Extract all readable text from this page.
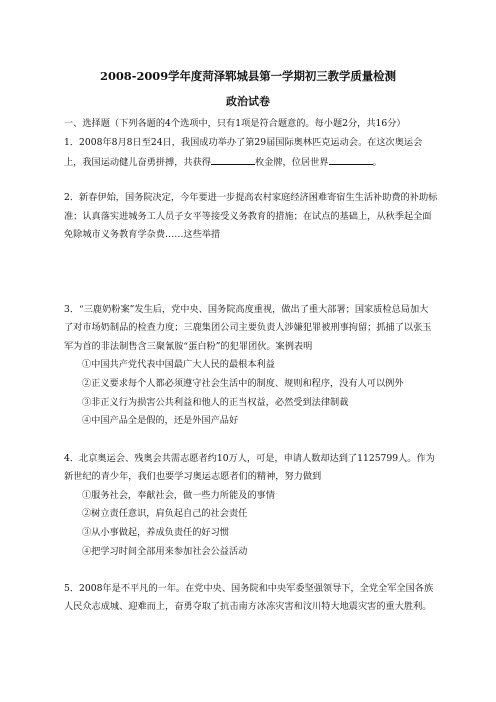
2008-2009学年度菏泽郓城县第一学期初三教学质量检测
政治试卷
一、选择题（下列各题的4个选项中，只有1项是符合题意的。每小题2分，共16分）
1．2008年8月8日至24日，我国成功举办了第29届国际奥林匹克运动会。在这次奥运会
上，我国运动健儿奋勇拼搏，共获得	枚金牌，位居世界	。
2．新春伊始，国务院决定，今年要进一步提高农村家庭经济困难寄宿生生活补助费的补助标
准；认真落实进城务工人员子女平等接受义务教育的措施；在试点的基础上，从秋季起全面
免除城市义务教育学杂费……这些举措
3．“三鹿奶粉案”发生后，党中央、国务院高度重视，做出了重大部署；国家质检总局加大
了对市场奶制品的检查力度；三鹿集团公司主要负责人涉嫌犯罪被刑事拘留；抓捕了以张玉
军为首的非法制售含三聚氰胺“蛋白粉”的犯罪团伙。案例表明
①中国共产党代表中国最广大人民的最根本利益
②正义要求每个人都必须遵守社会生活中的制度、规则和程序，没有人可以例外
③非正义行为损害公共利益和他人的正当权益，必然受到法律制裁
④中国产品全是假的，还是外国产品好
4．北京奥运会、残奥会共需志愿者约10万人，可是，申请人数却达到了1125799人。作为
新世纪的青少年，我们也要学习奥运志愿者们的精神，努力做到
①服务社会，奉献社会，做一些力所能及的事情
②树立责任意识，肩负起自己的社会责任
③从小事做起，养成负责任的好习惯
④把学习时间全部用来参加社会公益活动
5．2008年是不平凡的一年。在党中央、国务院和中央军委坚强领导下，全党全军全国各族
人民众志成城、迎难而上，奋勇夺取了抗击南方冰冻灾害和汶川特大地震灾害的重大胜利。
